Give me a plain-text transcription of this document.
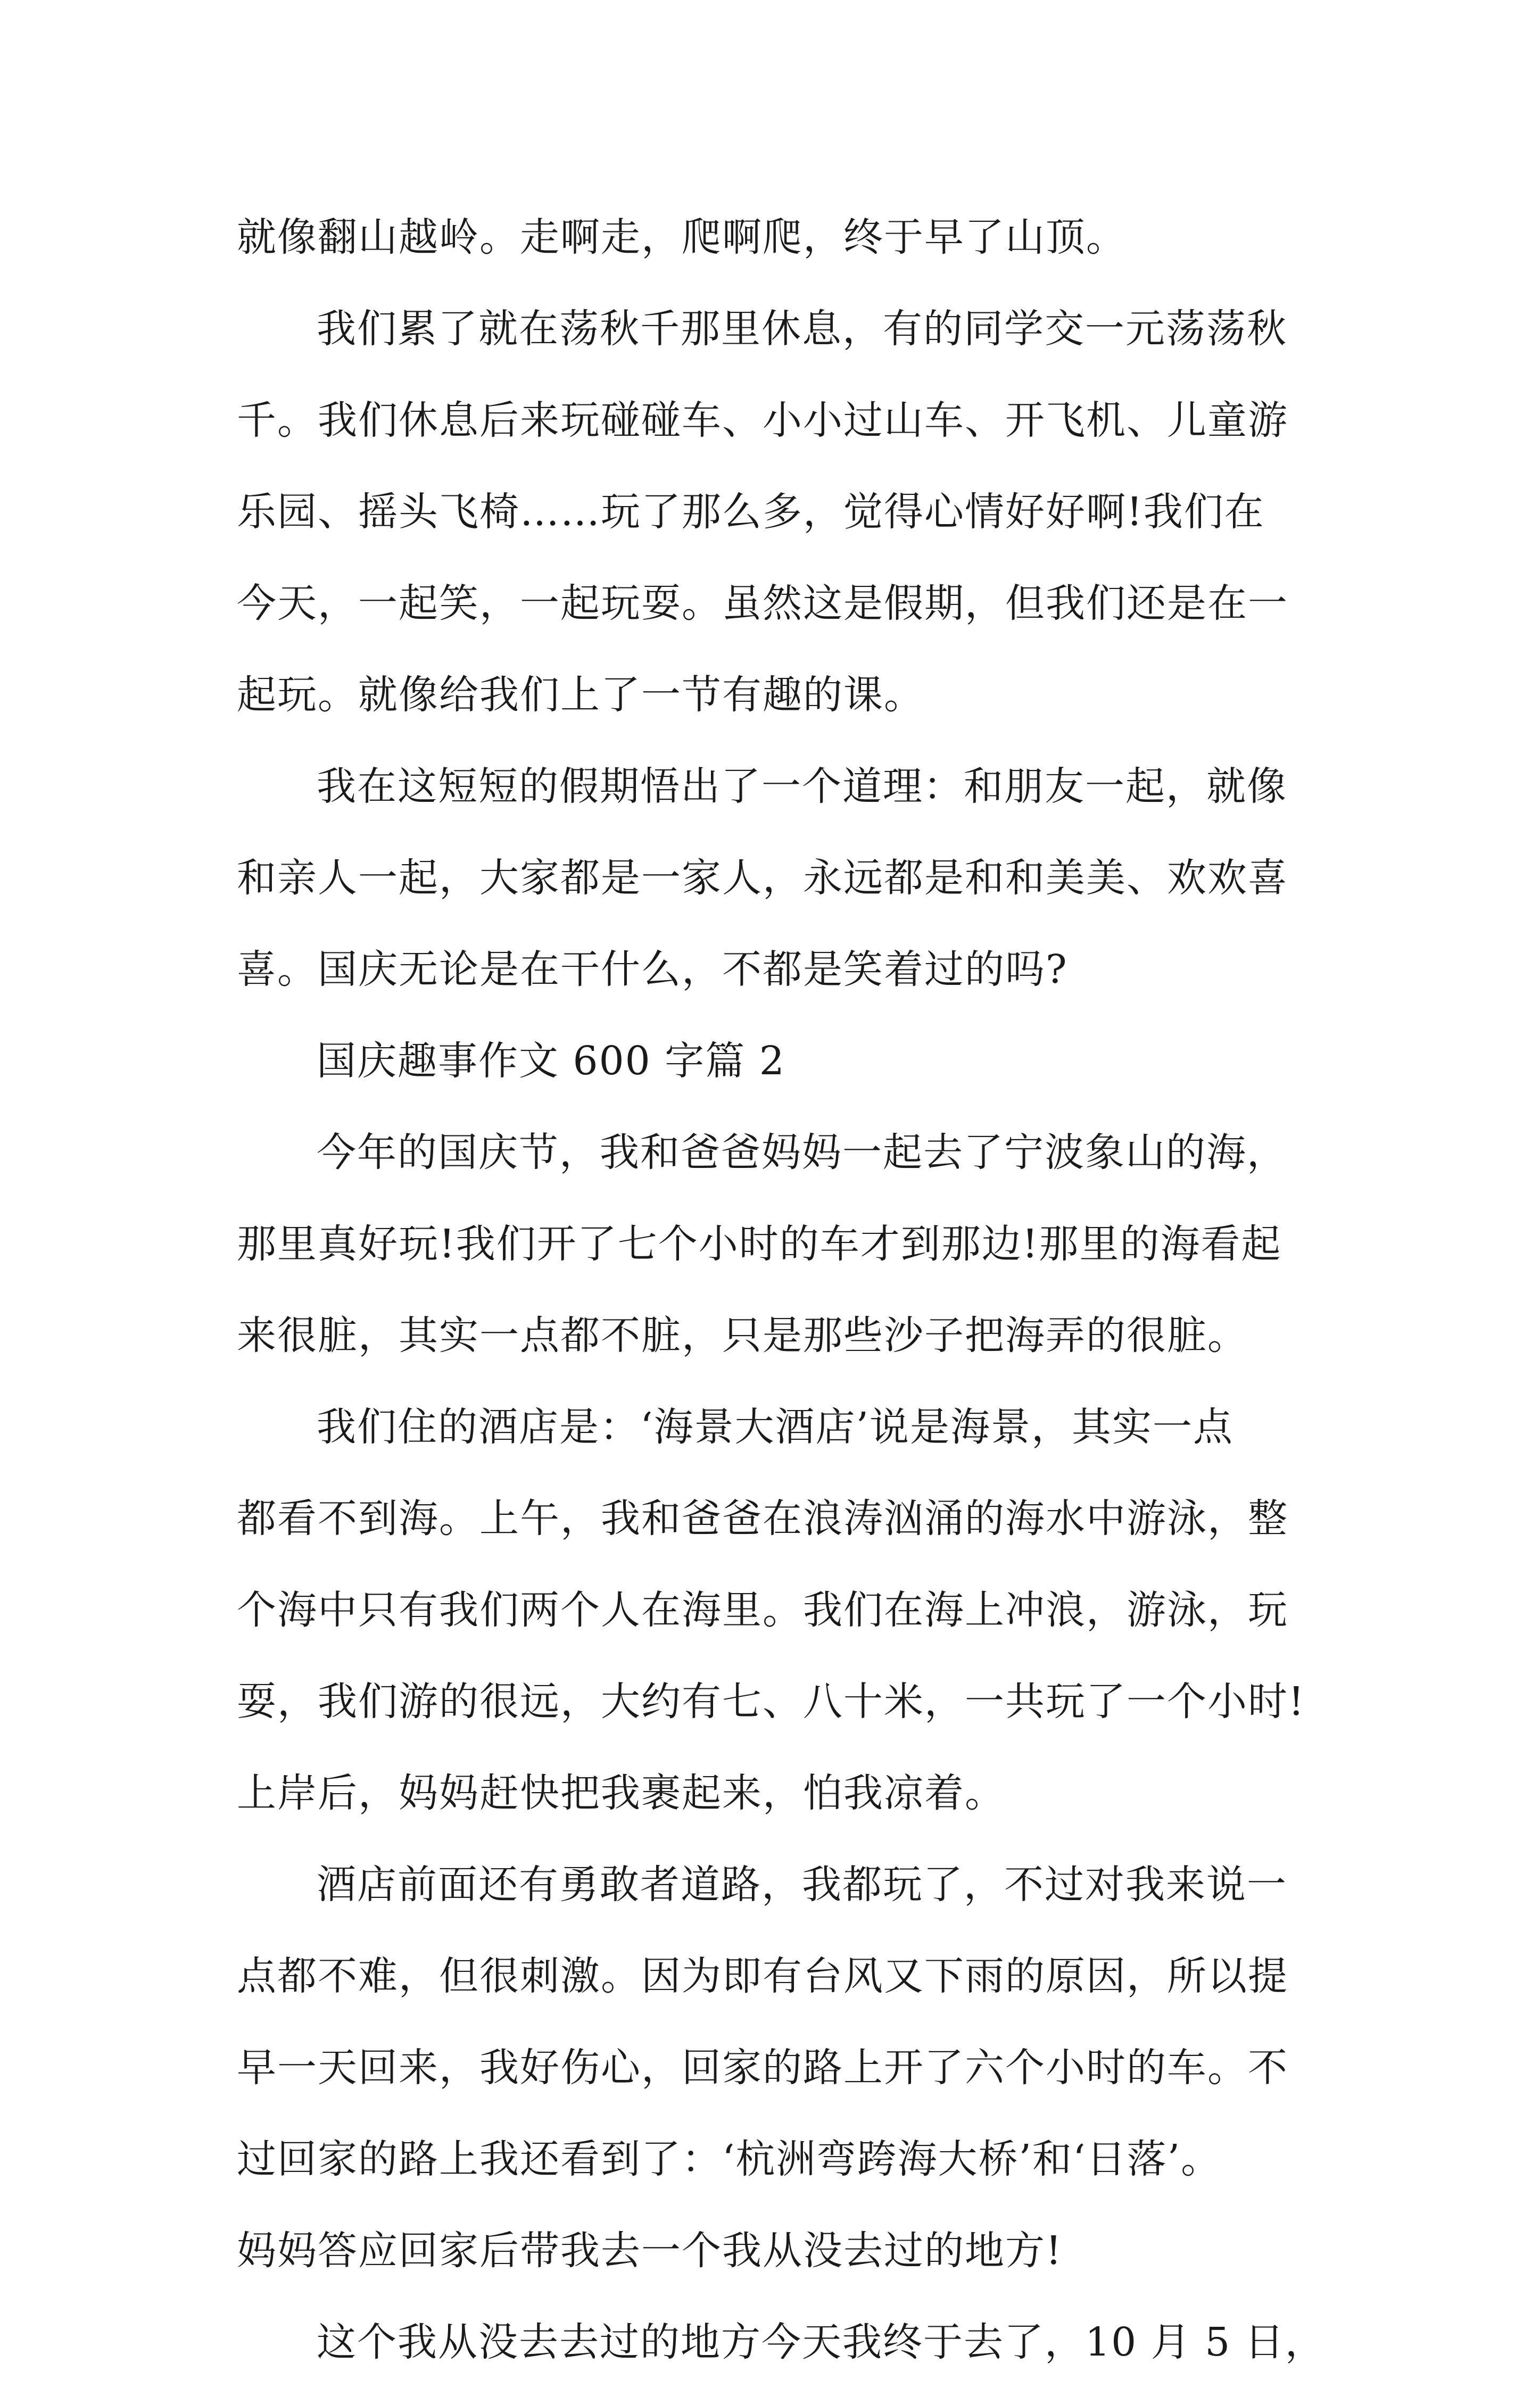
就像翻山越岭。走啊走，爬啊爬，终于早了山顶。
我们累了就在荡秋千那里休息，有的同学交一元荡荡秋
千。我们休息后来玩碰碰车、小小过山车、开飞机、儿童游
乐园、摇头飞椅……玩了那么多，觉得心情好好啊!我们在
今天，一起笑，一起玩耍。虽然这是假期，但我们还是在一
起玩。就像给我们上了一节有趣的课。
我在这短短的假期悟出了一个道理：和朋友一起，就像
和亲人一起，大家都是一家人，永远都是和和美美、欢欢喜
喜。国庆无论是在干什么，不都是笑着过的吗?
国庆趣事作文 600 字篇 2
今年的国庆节，我和爸爸妈妈一起去了宁波象山的海，
那里真好玩!我们开了七个小时的车才到那边!那里的海看起
来很脏，其实一点都不脏，只是那些沙子把海弄的很脏。
我们住的酒店是：‘海景大酒店’说是海景，其实一点
都看不到海。上午，我和爸爸在浪涛汹涌的海水中游泳，整
个海中只有我们两个人在海里。我们在海上冲浪，游泳，玩
耍，我们游的很远，大约有七、八十米，一共玩了一个小时!
上岸后，妈妈赶快把我裹起来，怕我凉着。
酒店前面还有勇敢者道路，我都玩了，不过对我来说一
点都不难，但很刺激。因为即有台风又下雨的原因，所以提
早一天回来，我好伤心，回家的路上开了六个小时的车。不
过回家的路上我还看到了：‘杭洲弯跨海大桥’和‘日落’。
妈妈答应回家后带我去一个我从没去过的地方!
这个我从没去去过的地方今天我终于去了，10 月 5 日，
